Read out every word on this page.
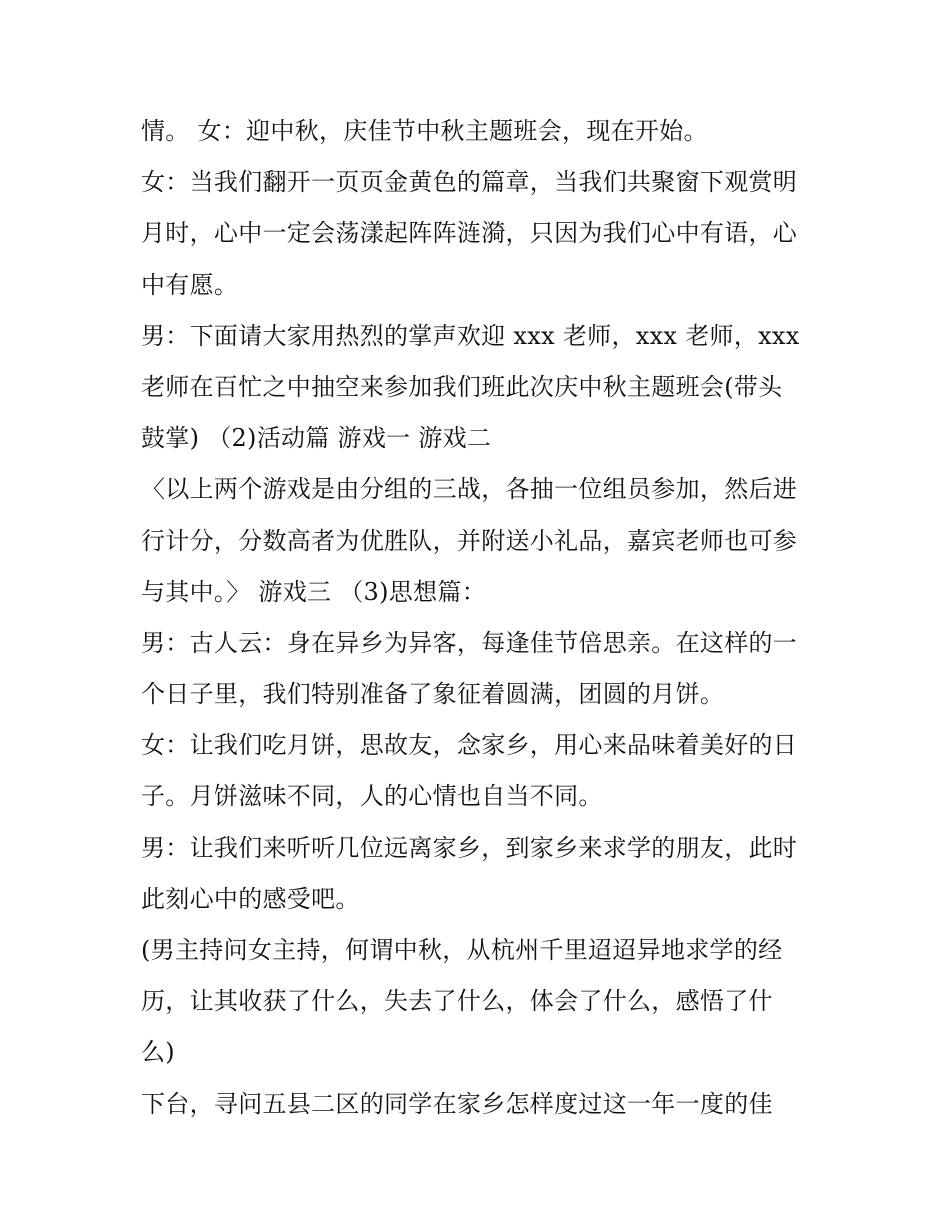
情。 女：迎中秋，庆佳节中秋主题班会，现在开始。
女：当我们翻开一页页金黄色的篇章，当我们共聚窗下观赏明
月时，心中一定会荡漾起阵阵涟漪，只因为我们心中有语，心
中有愿。
男：下面请大家用热烈的掌声欢迎 xxx 老师，xxx 老师，xxx
老师在百忙之中抽空来参加我们班此次庆中秋主题班会(带头
鼓掌) （2)活动篇 游戏一 游戏二
〈以上两个游戏是由分组的三战，各抽一位组员参加，然后进
行计分，分数高者为优胜队，并附送小礼品，嘉宾老师也可参
与其中。〉 游戏三 （3)思想篇：
男：古人云：身在异乡为异客，每逢佳节倍思亲。在这样的一
个日子里，我们特别准备了象征着圆满，团圆的月饼。
女：让我们吃月饼，思故友，念家乡，用心来品味着美好的日
子。月饼滋味不同，人的心情也自当不同。
男：让我们来听听几位远离家乡，到家乡来求学的朋友，此时
此刻心中的感受吧。
(男主持问女主持，何谓中秋，从杭州千里迢迢异地求学的经
历，让其收获了什么，失去了什么，体会了什么，感悟了什
么)
下台，寻问五县二区的同学在家乡怎样度过这一年一度的佳
